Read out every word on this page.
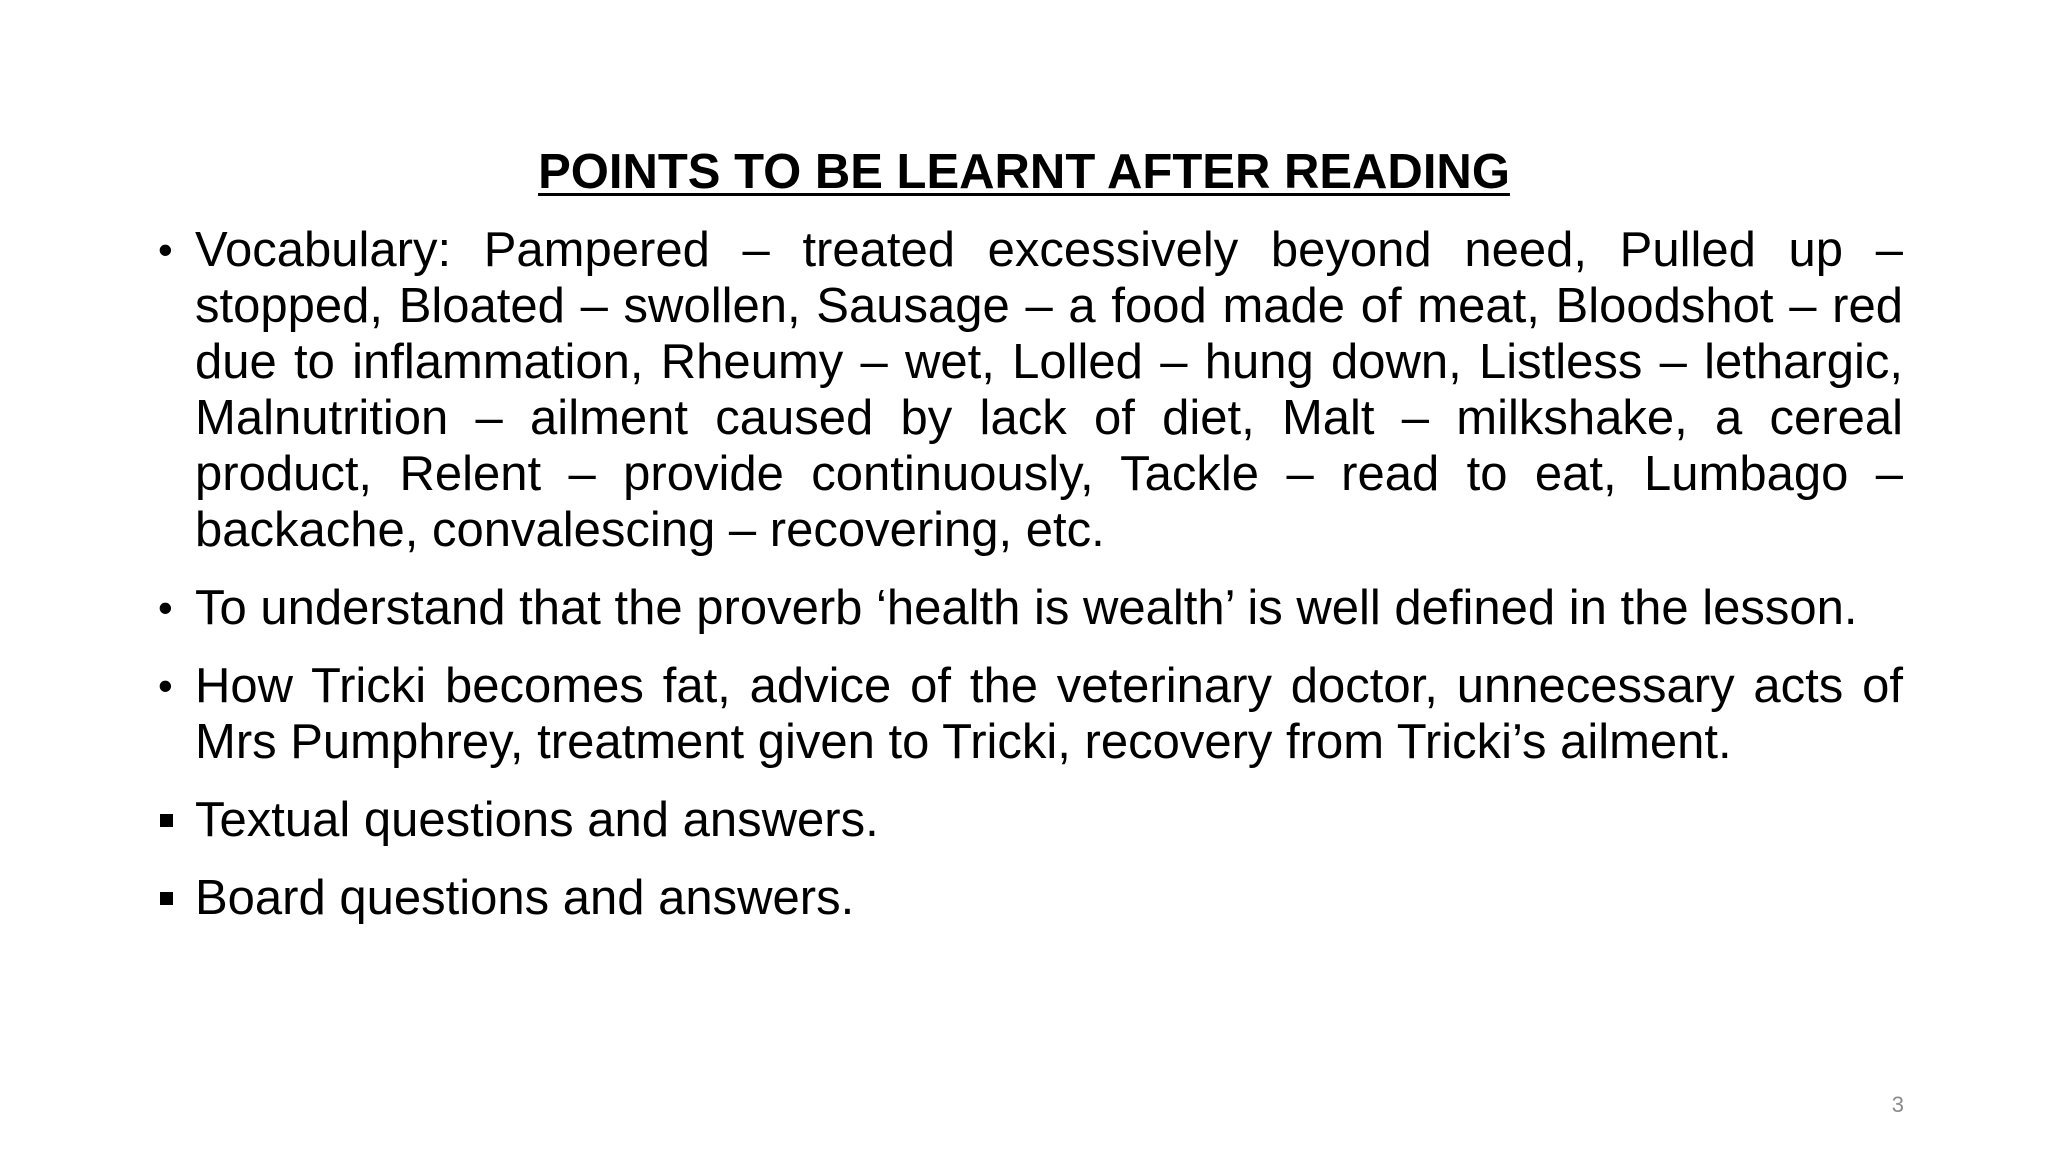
POINTS TO BE LEARNT AFTER READING
• Vocabulary: Pampered – treated excessively beyond need, Pulled up – stopped, Bloated – swollen, Sausage – a food made of meat, Bloodshot – red due to inflammation, Rheumy – wet, Lolled – hung down, Listless – lethargic, Malnutrition – ailment caused by lack of diet, Malt – milkshake, a cereal product, Relent – provide continuously, Tackle – read to eat, Lumbago – backache, convalescing – recovering, etc.
• To understand that the proverb ‘health is wealth’ is well defined in the lesson.
• How Tricki becomes fat, advice of the veterinary doctor, unnecessary acts of Mrs Pumphrey, treatment given to Tricki, recovery from Tricki’s ailment.
Textual questions and answers.
Board questions and answers.
3
